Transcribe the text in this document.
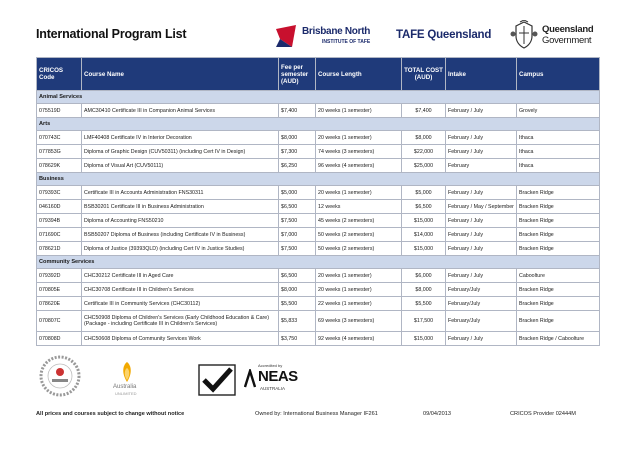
International Program List	Brisbane North
INSTITUTE OF TAFE
TAFE Queensland	Queensland
Government
CRICOS Code	Course Name	Fee per semester (AUD)	Course Length	TOTAL COST (AUD)	Intake	Campus
Animal Services						
075519D	AMC30410 Certificate III in Companion Animal Services	$7,400	20 weeks (1 semester)	$7,400	February / July	Grovely
Arts						
070743C	LMF40408 Certificate IV in Interior Decoration	$8,000	20 weeks (1 semester)	$8,000	February / July	Ithaca
077853G	Diploma of Graphic Design (CUV50311) (including Cert IV in Design)	$7,300	74 weeks (3 semesters)	$22,000	February / July	Ithaca
078629K	Diploma of Visual Art (CUV50111)	$6,250	96 weeks (4 semesters)	$25,000	February	Ithaca
Business						
079393C	Certificate III in Accounts Administration FNS30311	$5,000	20 weeks (1 semester)	$5,000	February / July	Bracken Ridge
046160D	BSB30201 Certificate III in Business Administration	$6,500	12 weeks	$6,500	February / May / September	Bracken Ridge
079394B	Diploma of Accounting FNS50210	$7,500	45 weeks (2 semesters)	$15,000	February / July	Bracken Ridge
071690C	BSB50207 Diploma of Business (including Certificate IV in Business)	$7,000	50 weeks (2 semesters)	$14,000	February / July	Bracken Ridge
078621D	Diploma of Justice (39393QLD) (including Cert IV in Justice Studies)	$7,500	50 weeks (2 semesters)	$15,000	February / July	Bracken Ridge
Community Services						
079392D	CHC30212 Certificate III in Aged Care	$6,500	20 weeks (1 semester)	$6,000	February / July	Caboolture
070805E	CHC30708 Certificate III in Children's Services	$8,000	20 weeks (1 semester)	$8,000	February/July	Bracken Ridge
078620E	Certificate III in Community Services (CHC30112)	$5,500	22 weeks (1 semester)	$5,500	February/July	Bracken Ridge
070807C	CHC50908 Diploma of Children's Services (Early Childhood Education & Care) (Package - including Certificate III in Children's Services)	$5,833	69 weeks (3 semesters)	$17,500	February/July	Bracken Ridge
070808D	CHC50608 Diploma of Community Services Work	$3,750	92 weeks (4 semesters)	$15,000	February / July	Bracken Ridge / Caboolture
Australia
UNLIMITED
Accredited by
NEAS
AUSTRALIA
All prices and courses subject to change without notice	Owned by: International Business Manager IF261	09/04/2013	CRICOS Provider 02444M
